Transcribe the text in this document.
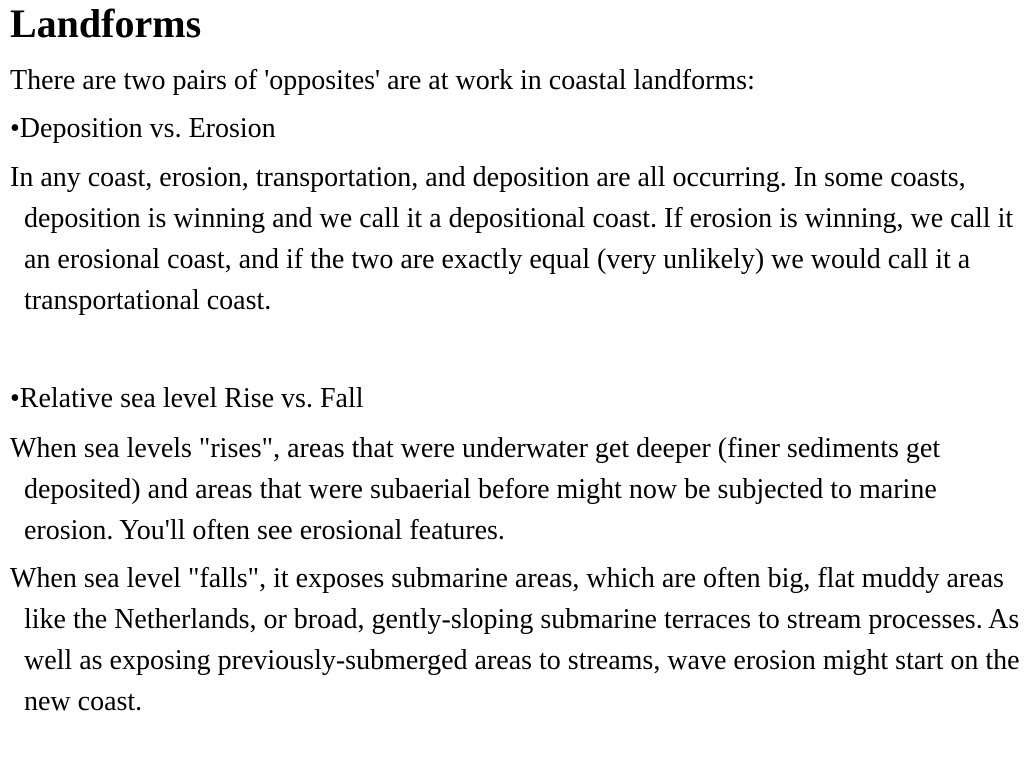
Landforms

There are two pairs of 'opposites' are at work in coastal landforms:

•Deposition vs. Erosion

In any coast, erosion, transportation, and deposition are all occurring. In some coasts, deposition is winning and we call it a depositional coast. If erosion is winning, we call it an erosional coast, and if the two are exactly equal (very unlikely) we would call it a transportational coast.

•Relative sea level Rise vs. Fall

When sea levels "rises", areas that were underwater get deeper (finer sediments get deposited) and areas that were subaerial before might now be subjected to marine erosion. You'll often see erosional features.

When sea level "falls", it exposes submarine areas, which are often big, flat muddy areas like the Netherlands, or broad, gently-sloping submarine terraces to stream processes. As well as exposing previously-submerged areas to streams, wave erosion might start on the new coast.
